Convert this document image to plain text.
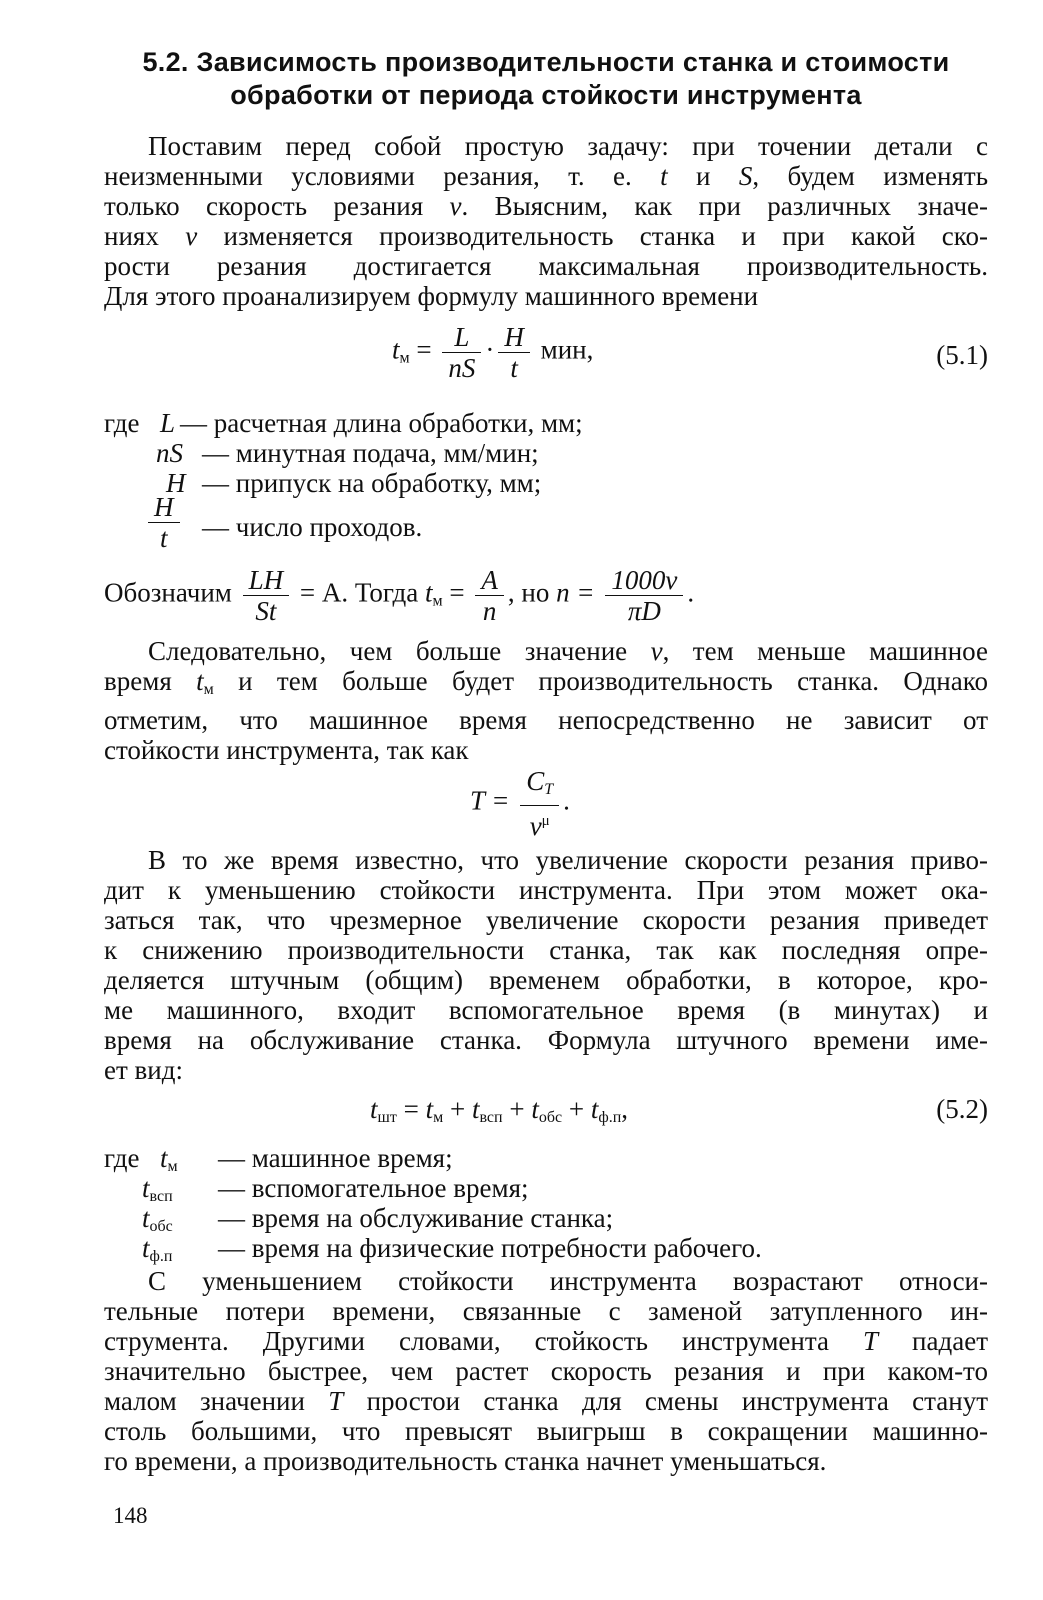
5.2. Зависимость производительности станка и стоимости
обработки от периода стойкости инструмента
Поставим перед собой простую задачу: при точении детали с
неизменными условиями резания, т. е. t и S, будем изменять
только скорость резания v. Выясним, как при различных значе-
ниях v изменяется производительность станка и при какой ско-
рости резания достигается максимальная производительность.
Для этого проанализируем формулу машинного времени
$t_м = \frac{L}{nS} \cdot \frac{H}{t}$ мин,	(5.1)
где L — расчетная длина обработки, мм;
nS — минутная подача, мм/мин;
H — припуск на обработку, мм;
$\frac{H}{t}$ — число проходов.
Обозначим $\frac{LH}{St} = A$. Тогда $t_м = \frac{A}{n}$ , но $n = \frac{1000v}{\pi D}$ .
Следовательно, чем больше значение v, тем меньше машинное
время $t_м$ и тем больше будет производительность станка. Однако
отметим, что машинное время непосредственно не зависит от
стойкости инструмента, так как
$T = \frac{C_T}{v^\mu}$ .
В то же время известно, что увеличение скорости резания приво-
дит к уменьшению стойкости инструмента. При этом может ока-
заться так, что чрезмерное увеличение скорости резания приведет
к снижению производительности станка, так как последняя опре-
деляется штучным (общим) временем обработки, в которое, кро-
ме машинного, входит вспомогательное время (в минутах) и
время на обслуживание станка. Формула штучного времени име-
ет вид:
$t_{шт} = t_м + t_{всп} + t_{обс} + t_{ф.п}$,	(5.2)
где $t_м$ — машинное время;
$t_{всп}$ — вспомогательное время;
$t_{обс}$ — время на обслуживание станка;
$t_{ф.п}$ — время на физические потребности рабочего.
С уменьшением стойкости инструмента возрастают относи-
тельные потери времени, связанные с заменой затупленного ин-
струмента. Другими словами, стойкость инструмента T падает
значительно быстрее, чем растет скорость резания и при каком-то
малом значении T простои станка для смены инструмента станут
столь большими, что превысят выигрыш в сокращении машинно-
го времени, а производительность станка начнет уменьшаться.
148
